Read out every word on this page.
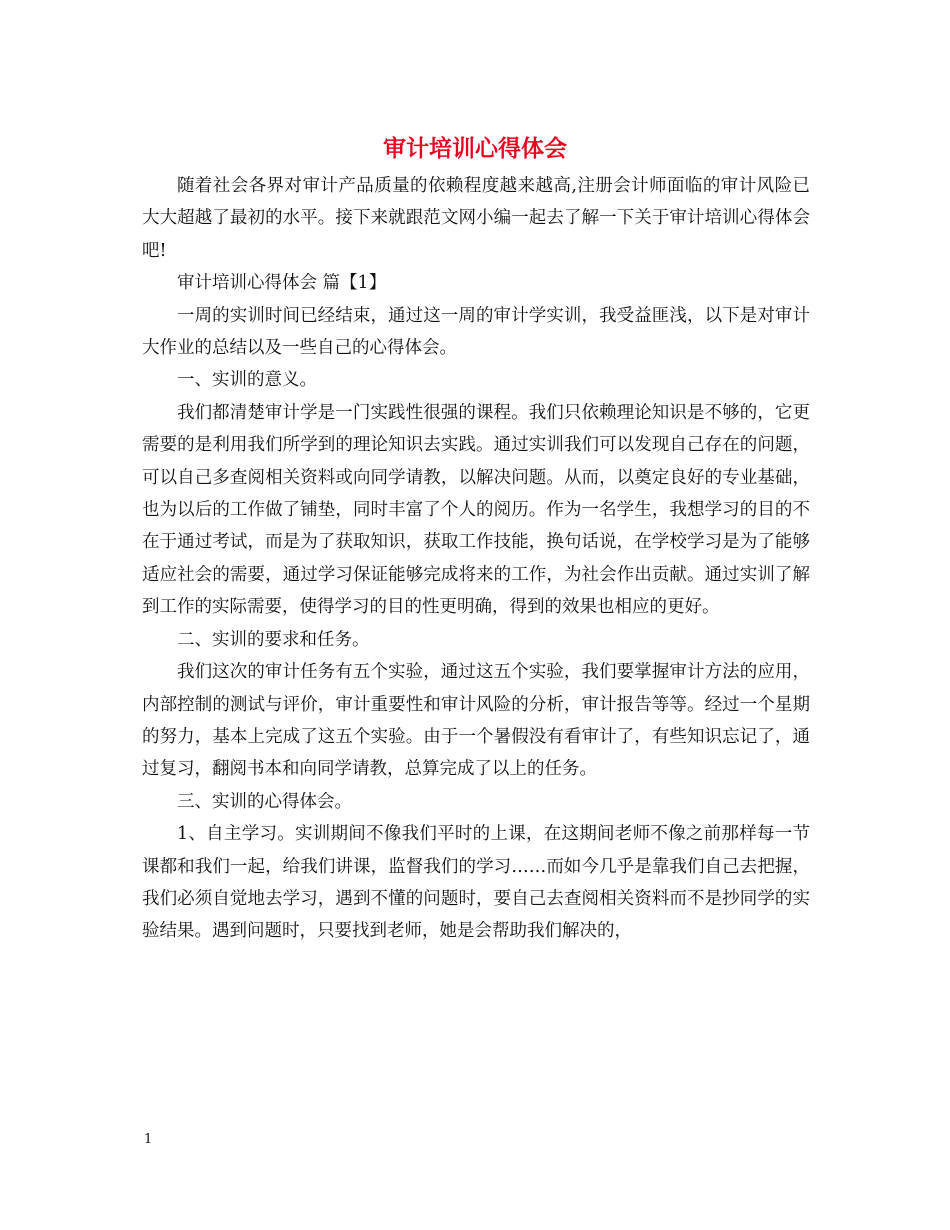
审计培训心得体会

随着社会各界对审计产品质量的依赖程度越来越高,注册会计师面临的审计风险已大大超越了最初的水平。接下来就跟范文网小编一起去了解一下关于审计培训心得体会吧!

审计培训心得体会 篇【1】

一周的实训时间已经结束，通过这一周的审计学实训，我受益匪浅，以下是对审计大作业的总结以及一些自己的心得体会。

一、实训的意义。

我们都清楚审计学是一门实践性很强的课程。我们只依赖理论知识是不够的，它更需要的是利用我们所学到的理论知识去实践。通过实训我们可以发现自己存在的问题，可以自己多查阅相关资料或向同学请教，以解决问题。从而，以奠定良好的专业基础，也为以后的工作做了铺垫，同时丰富了个人的阅历。作为一名学生，我想学习的目的不在于通过考试，而是为了获取知识，获取工作技能，换句话说，在学校学习是为了能够适应社会的需要，通过学习保证能够完成将来的工作，为社会作出贡献。通过实训了解到工作的实际需要，使得学习的目的性更明确，得到的效果也相应的更好。

二、实训的要求和任务。

我们这次的审计任务有五个实验，通过这五个实验，我们要掌握审计方法的应用，内部控制的测试与评价，审计重要性和审计风险的分析，审计报告等等。经过一个星期的努力，基本上完成了这五个实验。由于一个暑假没有看审计了，有些知识忘记了，通过复习，翻阅书本和向同学请教，总算完成了以上的任务。

三、实训的心得体会。

1、自主学习。实训期间不像我们平时的上课，在这期间老师不像之前那样每一节课都和我们一起，给我们讲课，监督我们的学习……而如今几乎是靠我们自己去把握，我们必须自觉地去学习，遇到不懂的问题时，要自己去查阅相关资料而不是抄同学的实验结果。遇到问题时，只要找到老师，她是会帮助我们解决的，

1
